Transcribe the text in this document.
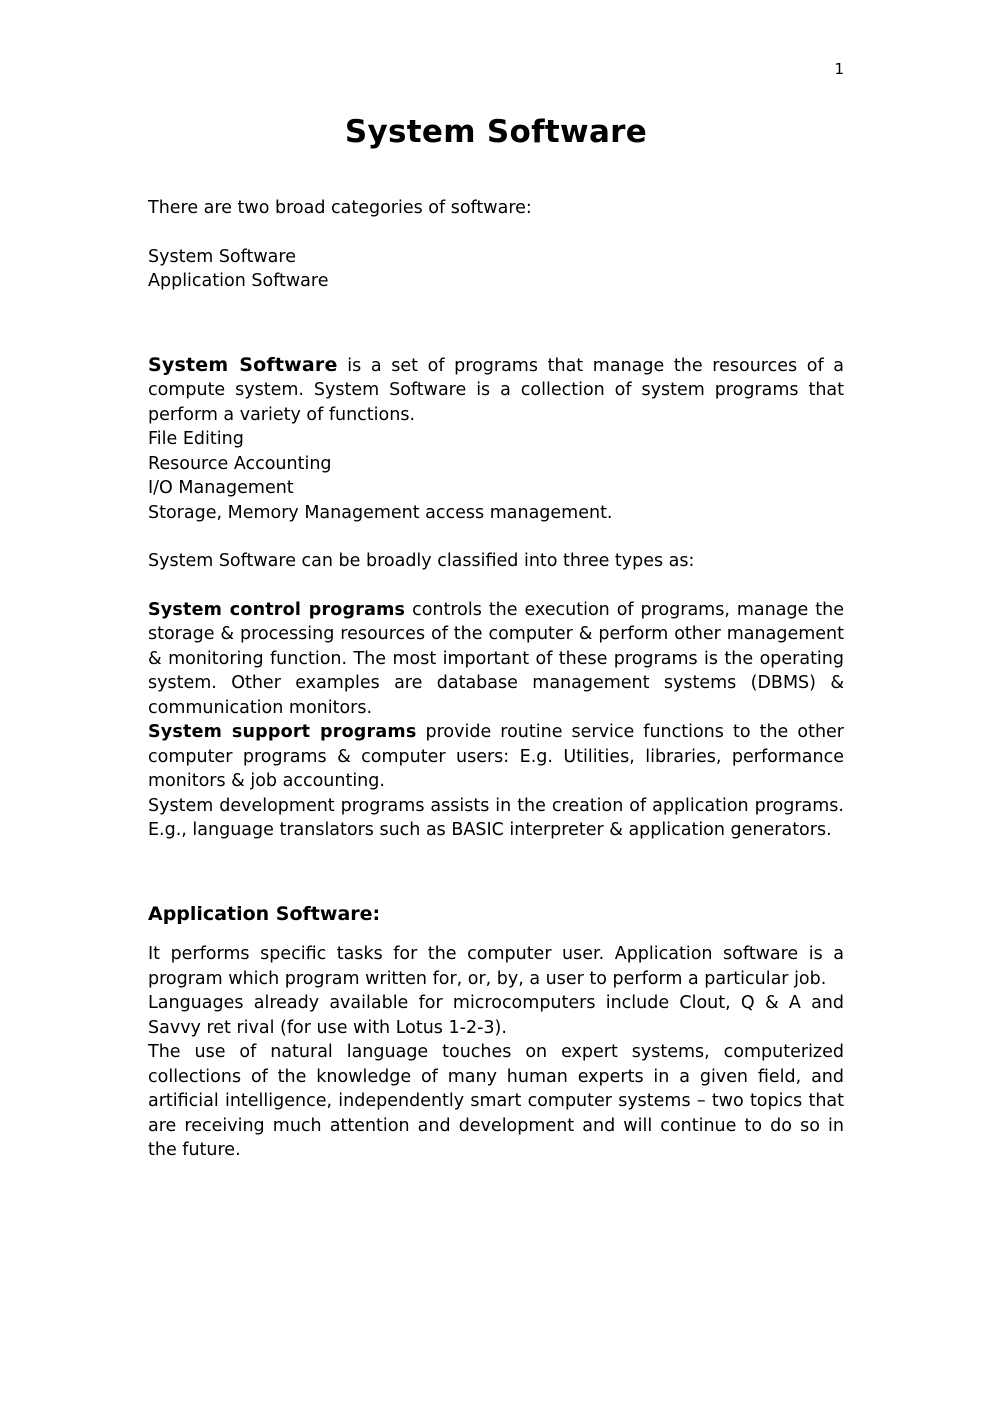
1
System Software

There are two broad categories of software:

System Software

Application Software

System Software is a set of programs that manage the resources of a compute system. System Software is a collection of system programs that perform a variety of functions.

File Editing

Resource Accounting

I/O Management

Storage, Memory Management access management.

System Software can be broadly classified into three types as:

System control programs controls the execution of programs, manage the storage & processing resources of the computer & perform other management & monitoring function. The most important of these programs is the operating system. Other examples are database management systems (DBMS) & communication monitors.

System support programs provide routine service functions to the other computer programs & computer users: E.g. Utilities, libraries, performance monitors & job accounting.

System development programs assists in the creation of application programs. E.g., language translators such as BASIC interpreter & application generators.

Application Software:

It performs specific tasks for the computer user. Application software is a program which program written for, or, by, a user to perform a particular job.

Languages already available for microcomputers include Clout, Q & A and Savvy ret rival (for use with Lotus 1-2-3).

The use of natural language touches on expert systems, computerized collections of the knowledge of many human experts in a given field, and artificial intelligence, independently smart computer systems – two topics that are receiving much attention and development and will continue to do so in the future.
